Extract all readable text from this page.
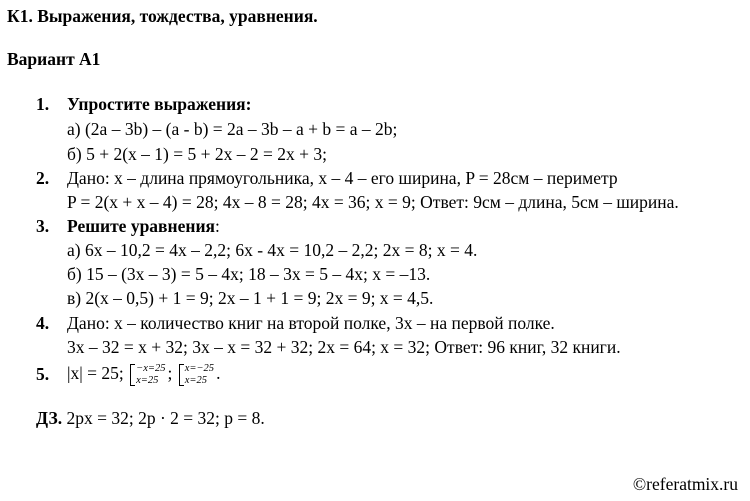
К1. Выражения, тождества, уравнения.
Вариант А1
1. Упростите выражения:
а) (2a – 3b) – (a - b) = 2a – 3b – a + b = a – 2b;
б) 5 + 2(x – 1) = 5 + 2x – 2 = 2x + 3;
2. Дано: x – длина прямоугольника, x – 4 – его ширина, P = 28см – периметр
P = 2(x + x – 4) = 28; 4x – 8 = 28; 4x = 36; x = 9; Ответ: 9см – длина, 5см – ширина.
3. Решите уравнения:
а) 6x – 10,2 = 4x – 2,2; 6x - 4x = 10,2 – 2,2; 2x = 8; x = 4.
б) 15 – (3x – 3) = 5 – 4x; 18 – 3x = 5 – 4x; x = –13.
в) 2(x – 0,5) + 1 = 9; 2x – 1 + 1 = 9; 2x = 9; x = 4,5.
4. Дано: x – количество книг на второй полке, 3x – на первой полке.
3x – 32 = x + 32; 3x – x = 32 + 32; 2x = 64; x = 32; Ответ: 96 книг, 32 книги.
5. |x| = 25; −x=25
x=25 ; x=−25
x=25 .
ДЗ. 2px = 32; 2p · 2 = 32; p = 8.
©referatmix.ru
